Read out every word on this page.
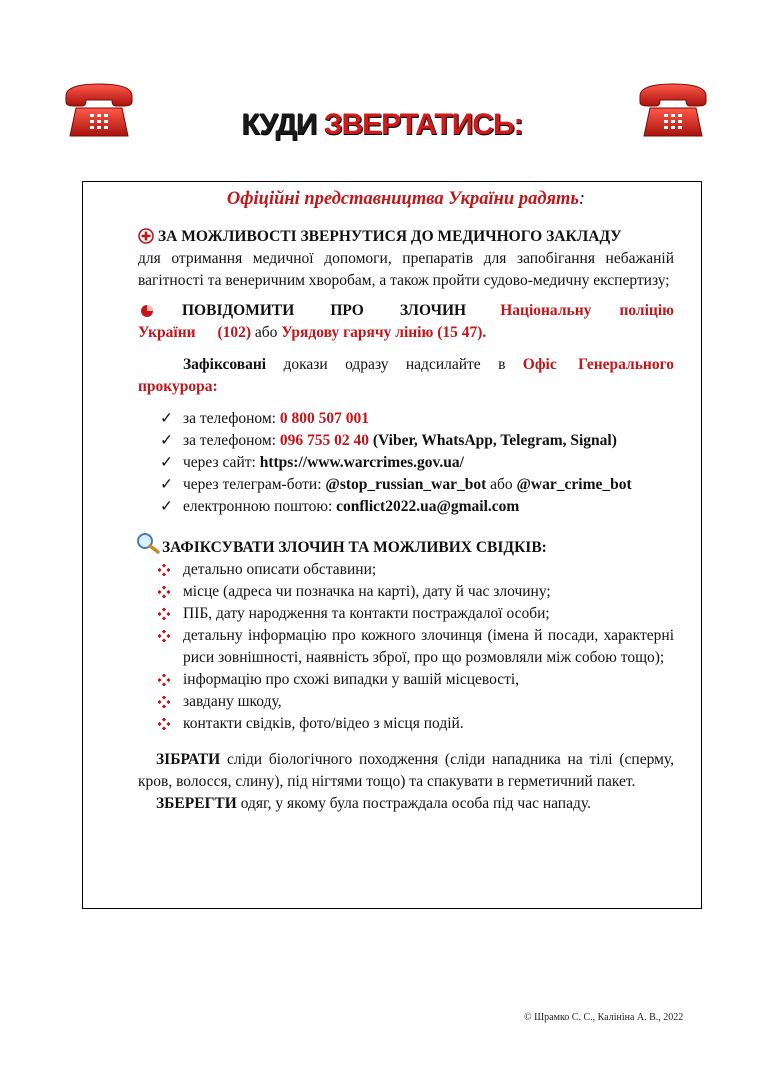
КУДИ ЗВЕРТАТИСЬ:
Офіційні представництва України радять:
ЗА МОЖЛИВОСТІ ЗВЕРНУТИСЯ ДО МЕДИЧНОГО ЗАКЛАДУ
для отримання медичної допомоги, препаратів для запобігання небажаній вагітності та венеричним хворобам, а також пройти судово-медичну експертизу;
ПОВІДОМИТИ ПРО ЗЛОЧИН Національну поліцію України (102) або Урядову гарячу лінію (15 47).
Зафіксовані докази одразу надсилайте в Офіс Генерального прокурора:
✓ за телефоном: 0 800 507 001
✓ за телефоном: 096 755 02 40 (Viber, WhatsApp, Telegram, Signal)
✓ через сайт: https://www.warcrimes.gov.ua/
✓ через телеграм-боти: @stop_russian_war_bot або @war_crime_bot
✓ електронною поштою: conflict2022.ua@gmail.com
ЗАФІКСУВАТИ ЗЛОЧИН ТА МОЖЛИВИХ СВІДКІВ:
детально описати обставини;
місце (адреса чи позначка на карті), дату й час злочину;
ПІБ, дату народження та контакти постраждалої особи;
детальну інформацію про кожного злочинця (імена й посади, характерні риси зовнішності, наявність зброї, про що розмовляли між собою тощо);
інформацію про схожі випадки у вашій місцевості,
завдану шкоду,
контакти свідків, фото/відео з місця подій.
ЗІБРАТИ сліди біологічного походження (сліди нападника на тілі (сперму, кров, волосся, слину), під нігтями тощо) та спакувати в герметичний пакет.
ЗБЕРЕГТИ одяг, у якому була постраждала особа під час нападу.
© Шрамко С. С., Калініна А. В., 2022
